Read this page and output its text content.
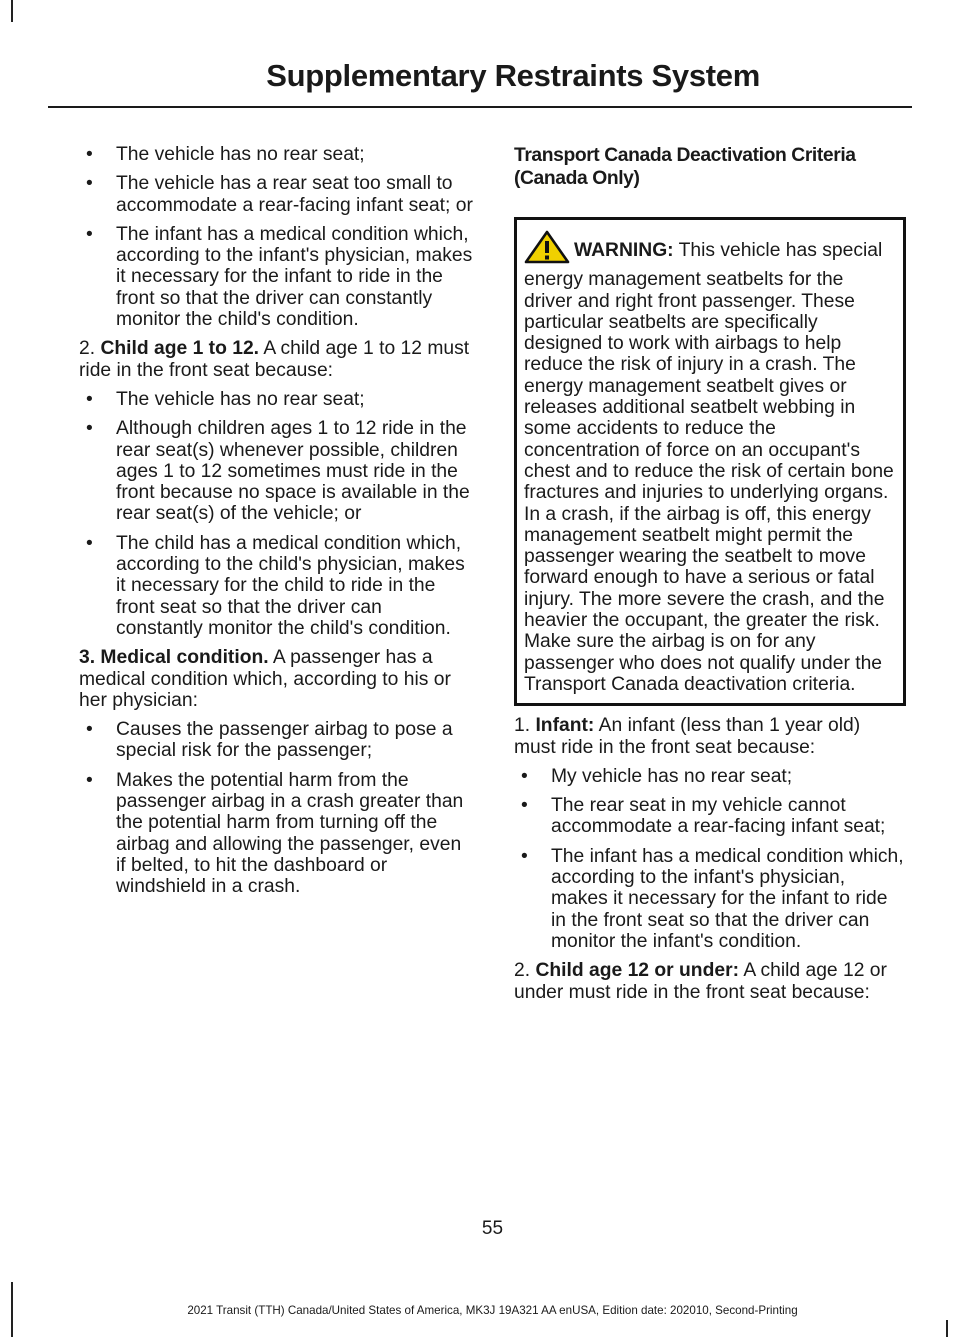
Supplementary Restraints System
• The vehicle has no rear seat;
• The vehicle has a rear seat too small to accommodate a rear-facing infant seat; or
• The infant has a medical condition which, according to the infant's physician, makes it necessary for the infant to ride in the front so that the driver can constantly monitor the child's condition.

2. Child age 1 to 12. A child age 1 to 12 must ride in the front seat because:

• The vehicle has no rear seat;
• Although children ages 1 to 12 ride in the rear seat(s) whenever possible, children ages 1 to 12 sometimes must ride in the front because no space is available in the rear seat(s) of the vehicle; or
• The child has a medical condition which, according to the child's physician, makes it necessary for the child to ride in the front seat so that the driver can constantly monitor the child's condition.

3. Medical condition. A passenger has a medical condition which, according to his or her physician:

• Causes the passenger airbag to pose a special risk for the passenger;
• Makes the potential harm from the passenger airbag in a crash greater than the potential harm from turning off the airbag and allowing the passenger, even if belted, to hit the dashboard or windshield in a crash.
Transport Canada Deactivation Criteria (Canada Only)
WARNING: This vehicle has special energy management seatbelts for the driver and right front passenger. These particular seatbelts are specifically designed to work with airbags to help reduce the risk of injury in a crash. The energy management seatbelt gives or releases additional seatbelt webbing in some accidents to reduce the concentration of force on an occupant's chest and to reduce the risk of certain bone fractures and injuries to underlying organs. In a crash, if the airbag is off, this energy management seatbelt might permit the passenger wearing the seatbelt to move forward enough to have a serious or fatal injury. The more severe the crash, and the heavier the occupant, the greater the risk. Make sure the airbag is on for any passenger who does not qualify under the Transport Canada deactivation criteria.

1. Infant: An infant (less than 1 year old) must ride in the front seat because:

• My vehicle has no rear seat;
• The rear seat in my vehicle cannot accommodate a rear-facing infant seat;
• The infant has a medical condition which, according to the infant's physician, makes it necessary for the infant to ride in the front seat so that the driver can monitor the infant's condition.

2. Child age 12 or under: A child age 12 or under must ride in the front seat because:

55
2021 Transit (TTH) Canada/United States of America, MK3J 19A321 AA enUSA, Edition date: 202010, Second-Printing
